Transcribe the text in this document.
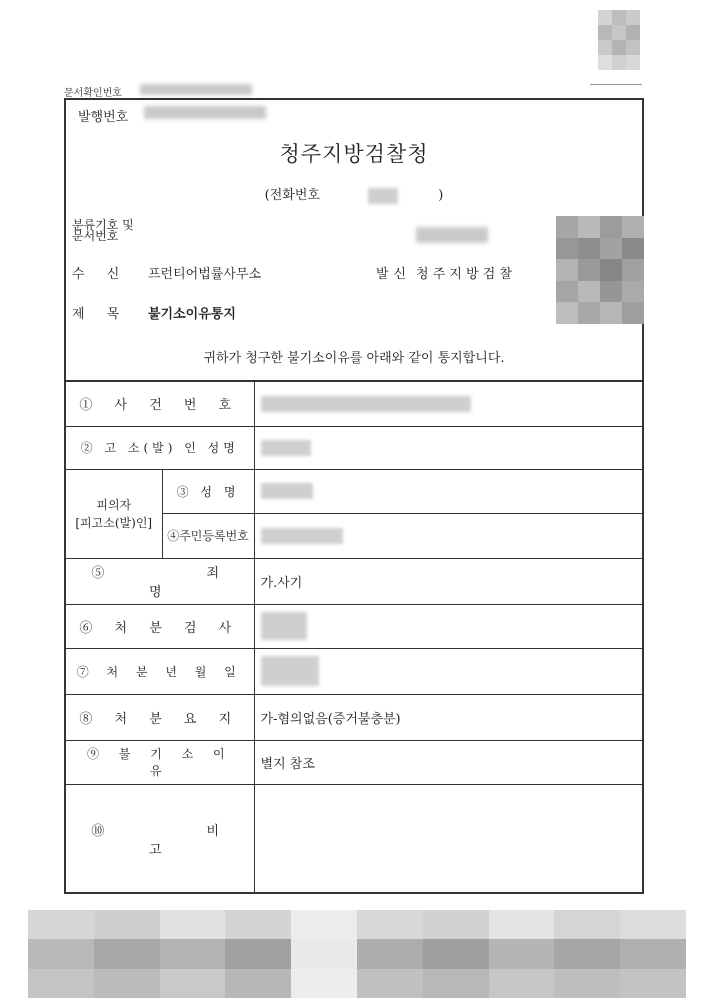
문서확인번호
발행번호
청주지방검찰청
(전화번호	)
분류기호 및
문서번호
수 신 프런티어법률사무소	발신 청 주 지 방 검 찰
제 목 불기소이유통지
귀하가 청구한 불기소이유를 아래와 같이 통지합니다.
① 사 건 번 호		
② 고 소(발) 인 성명		

피의자
[피고소(발)인]	③ 성 명	
	④주민등록번호	
⑤ 죄 명		가.사기
⑥ 처 분 검 사		
⑦ 처 분 년 월 일		
⑧ 처 분 요 지		가-혐의없음(증거불충분)
⑨ 불 기 소 이 유		별지 참조
⑩ 비 고		
